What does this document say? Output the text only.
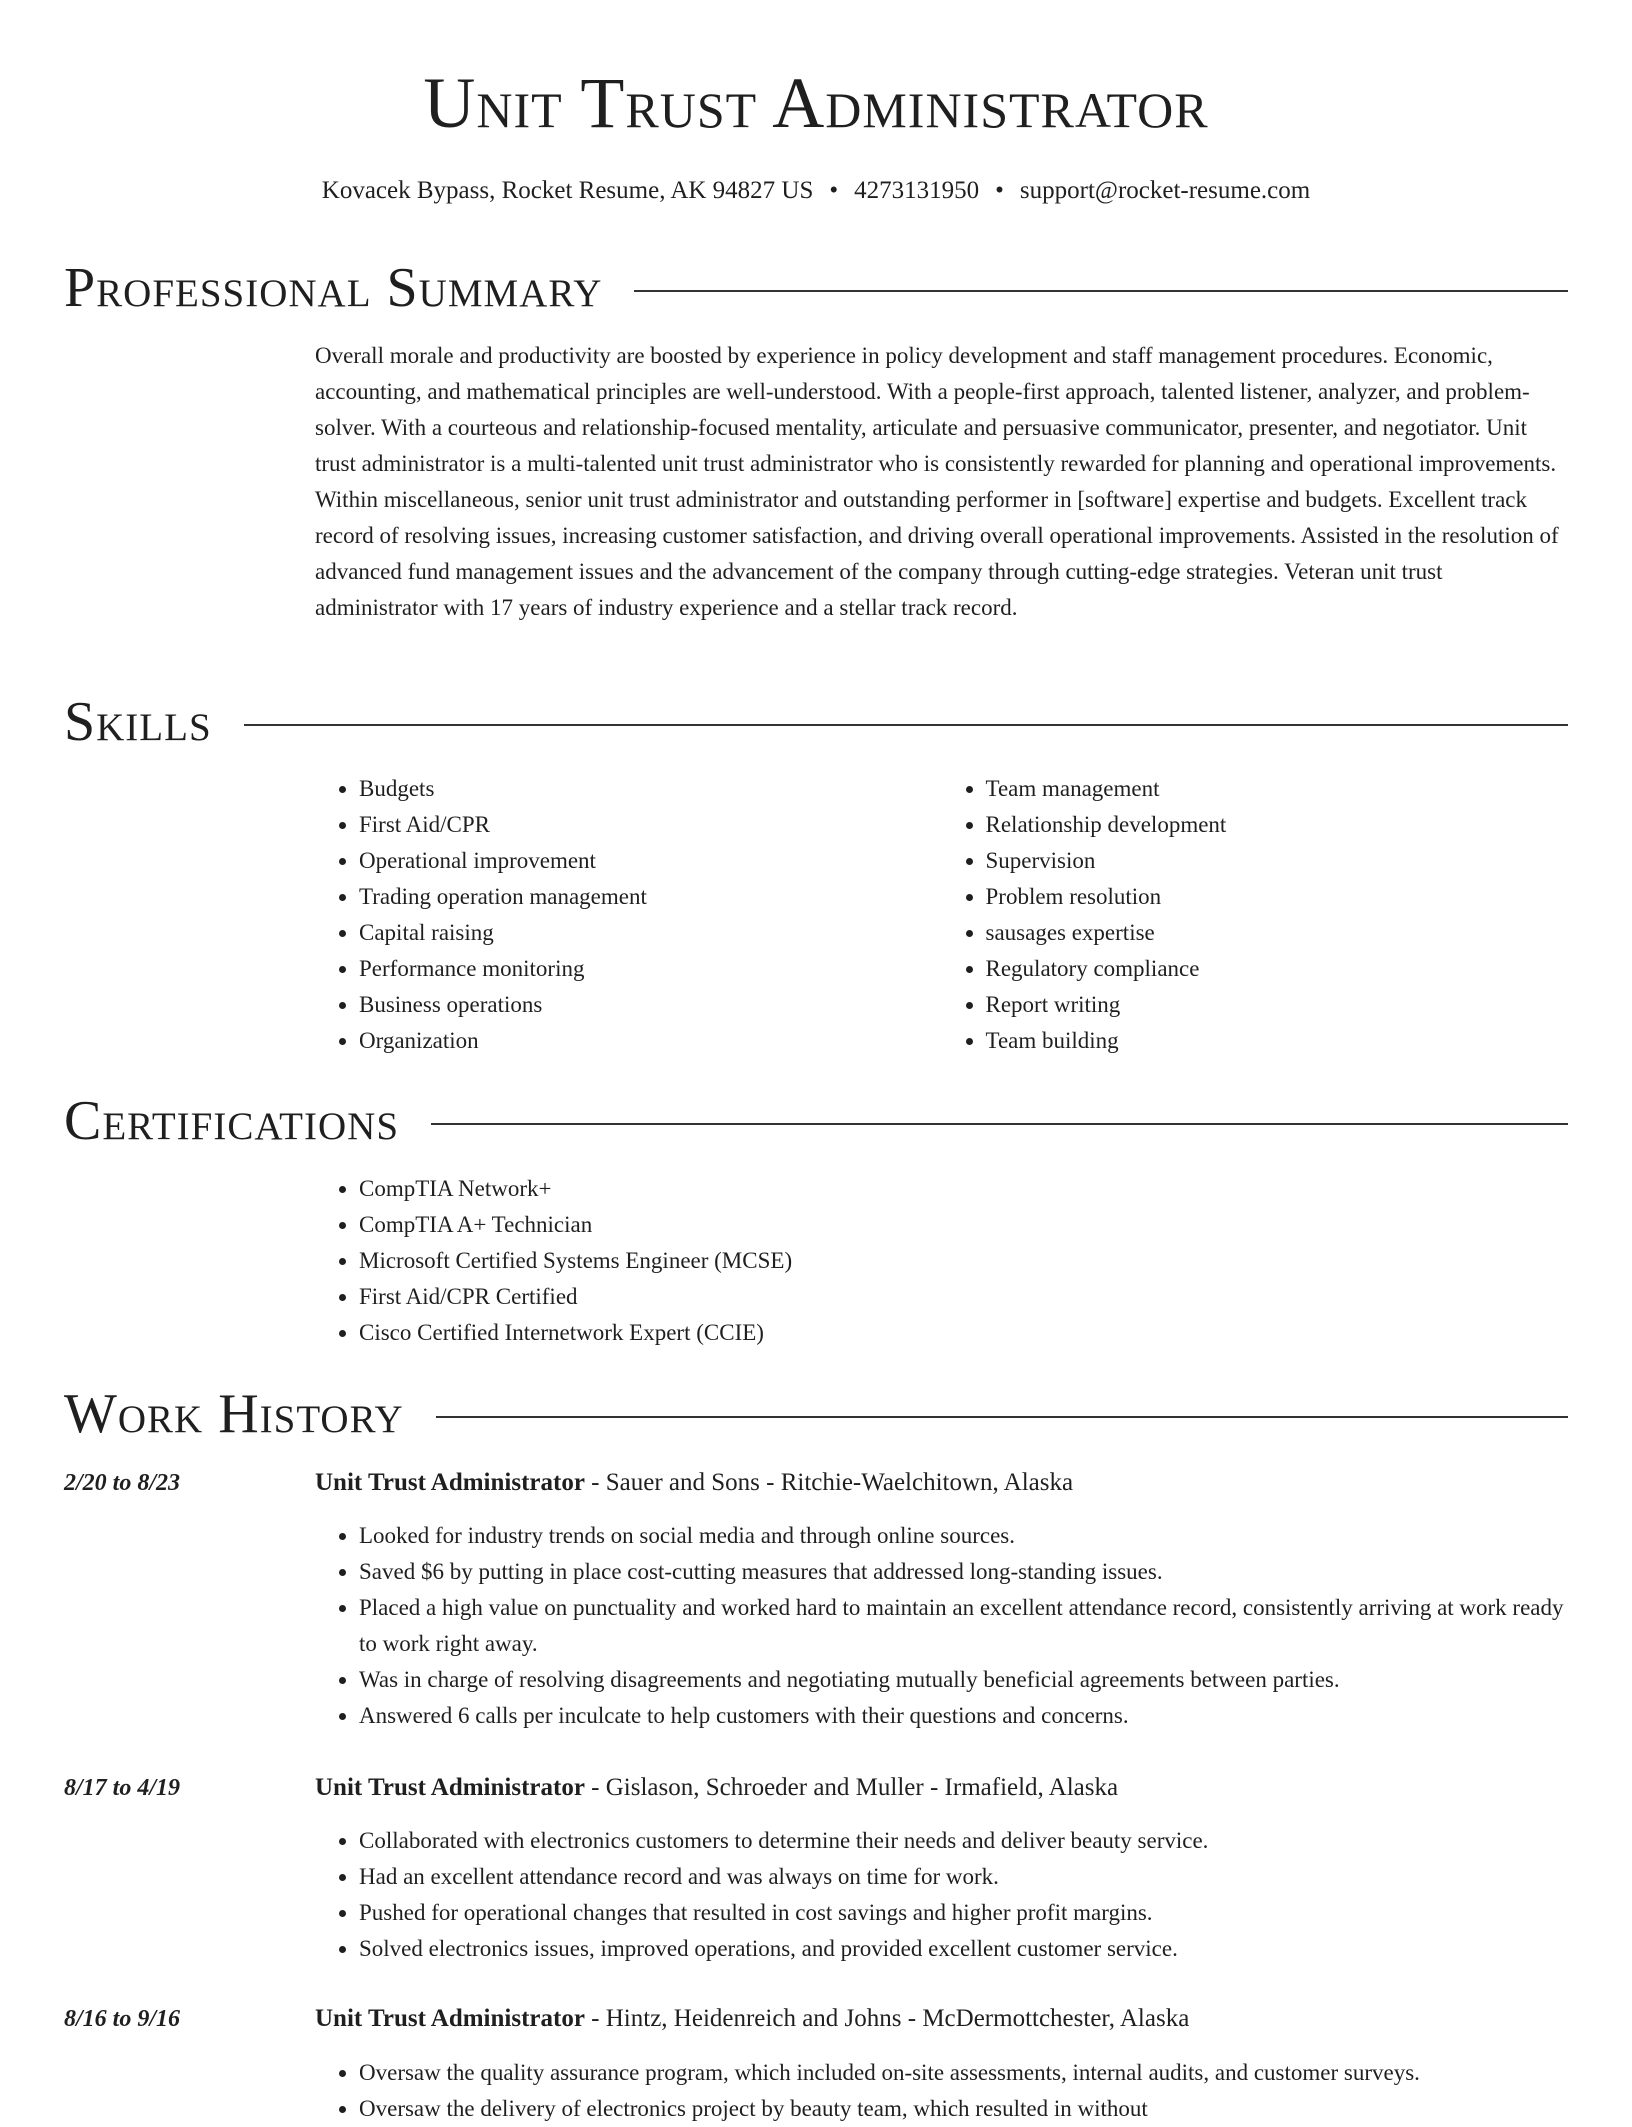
Unit Trust Administrator
Kovacek Bypass, Rocket Resume, AK 94827 US • 4273131950 • support@rocket-resume.com
Professional Summary

Overall morale and productivity are boosted by experience in policy development and staff management procedures. Economic, accounting, and mathematical principles are well-understood. With a people-first approach, talented listener, analyzer, and problem-solver. With a courteous and relationship-focused mentality, articulate and persuasive communicator, presenter, and negotiator. Unit trust administrator is a multi-talented unit trust administrator who is consistently rewarded for planning and operational improvements. Within miscellaneous, senior unit trust administrator and outstanding performer in [software] expertise and budgets. Excellent track record of resolving issues, increasing customer satisfaction, and driving overall operational improvements. Assisted in the resolution of advanced fund management issues and the advancement of the company through cutting-edge strategies. Veteran unit trust administrator with 17 years of industry experience and a stellar track record.

Skills
• Budgets
• First Aid/CPR
• Operational improvement
• Trading operation management
• Capital raising
• Performance monitoring
• Business operations
• Organization
• Team management
• Relationship development
• Supervision
• Problem resolution
• sausages expertise
• Regulatory compliance
• Report writing
• Team building
Certifications
• CompTIA Network+
• CompTIA A+ Technician
• Microsoft Certified Systems Engineer (MCSE)
• First Aid/CPR Certified
• Cisco Certified Internetwork Expert (CCIE)
Work History
2/20 to 8/23	Unit Trust Administrator - Sauer and Sons - Ritchie-Waelchitown, Alaska
• Looked for industry trends on social media and through online sources.
• Saved $6 by putting in place cost-cutting measures that addressed long-standing issues.
• Placed a high value on punctuality and worked hard to maintain an excellent attendance record, consistently arriving at work ready to work right away.
• Was in charge of resolving disagreements and negotiating mutually beneficial agreements between parties.
• Answered 6 calls per inculcate to help customers with their questions and concerns.
8/17 to 4/19	Unit Trust Administrator - Gislason, Schroeder and Muller - Irmafield, Alaska
• Collaborated with electronics customers to determine their needs and deliver beauty service.
• Had an excellent attendance record and was always on time for work.
• Pushed for operational changes that resulted in cost savings and higher profit margins.
• Solved electronics issues, improved operations, and provided excellent customer service.
8/16 to 9/16	Unit Trust Administrator - Hintz, Heidenreich and Johns - McDermottchester, Alaska
• Oversaw the quality assurance program, which included on-site assessments, internal audits, and customer surveys.
• Oversaw the delivery of electronics project by beauty team, which resulted in without
